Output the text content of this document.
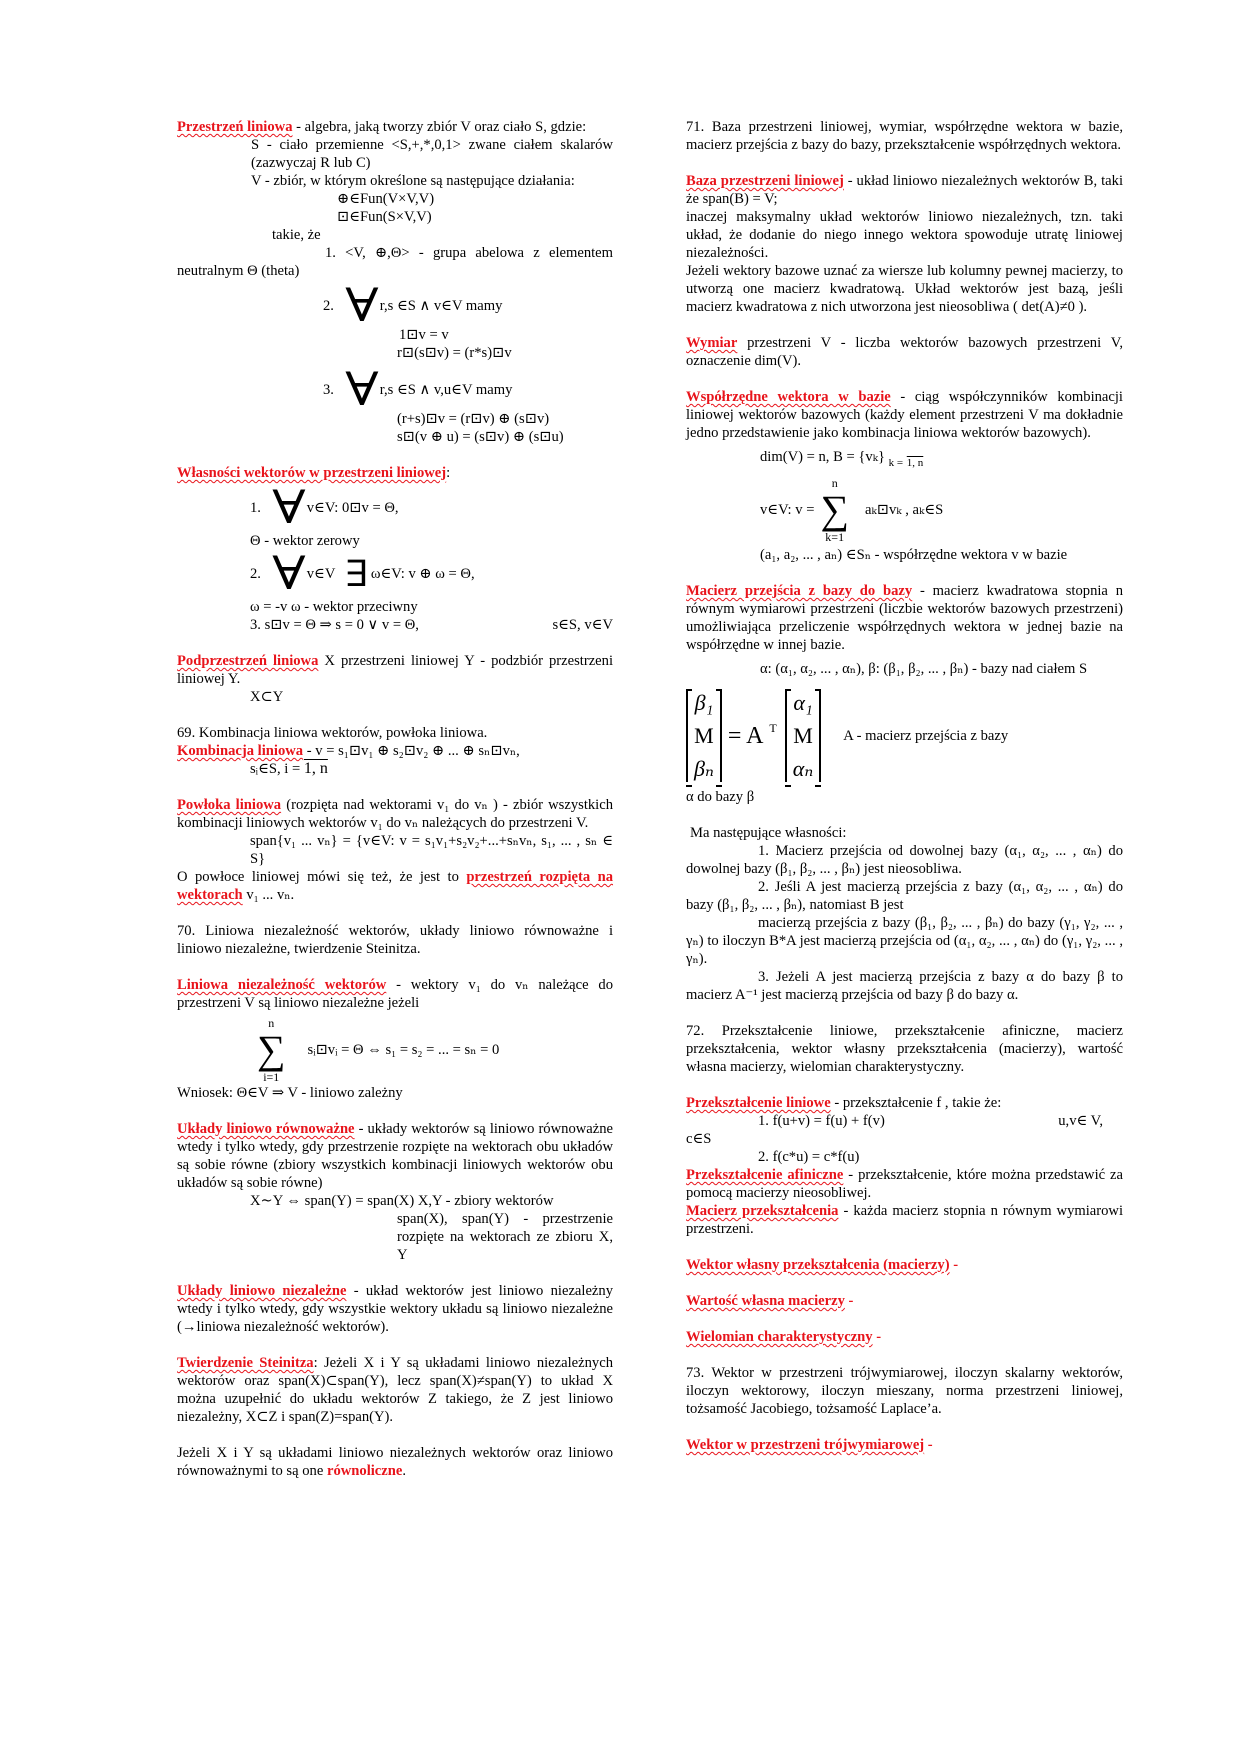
Przestrzeń liniowa - algebra, jaką tworzy zbiór V oraz ciało S, gdzie:

S - ciało przemienne <S,+,*,0,1> zwane ciałem skalarów (zazwyczaj R lub C)

V - zbiór, w którym określone są następujące działania:

⊕∈Fun(V×V,V)

⊡∈Fun(S×V,V)

takie, że

1. <V, ⊕,Θ> - grupa abelowa z elementem neutralnym Θ (theta)

2. ∀ r,s ∈S ∧ v∈V mamy

1⊡v = v

r⊡(s⊡v) = (r*s)⊡v

3. ∀ r,s ∈S ∧ v,u∈V mamy

(r+s)⊡v = (r⊡v) ⊕ (s⊡v)

s⊡(v ⊕ u) = (s⊡v) ⊕ (s⊡u)

Własności wektorów w przestrzeni liniowej:

1. ∀ v∈V: 0⊡v = Θ,

Θ - wektor zerowy

2. ∀ v∈V ∃ ω∈V: v ⊕ ω = Θ,

ω = -v ω - wektor przeciwny

3. s⊡v = Θ ⇒ s = 0 ∨ v = Θ,	s∈S, v∈V

Podprzestrzeń liniowa X przestrzeni liniowej Y - podzbiór przestrzeni liniowej Y.

X⊂Y

69. Kombinacja liniowa wektorów, powłoka liniowa.

Kombinacja liniowa - v = s₁⊡v₁ ⊕ s₂⊡v₂ ⊕ ... ⊕ sₙ⊡vₙ,

sᵢ∈S, i = 1, n

Powłoka liniowa (rozpięta nad wektorami v₁ do vₙ ) - zbiór wszystkich kombinacji liniowych wektorów v₁ do vₙ należących do przestrzeni V.

span{v₁ ... vₙ} = {v∈V: v = s₁v₁+s₂v₂+...+sₙvₙ, s₁, ... , sₙ ∈ S}

O powłoce liniowej mówi się też, że jest to przestrzeń rozpięta na wektorach v₁ ... vₙ.

70. Liniowa niezależność wektorów, układy liniowo równoważne i liniowo niezależne, twierdzenie Steinitza.

Liniowa niezależność wektorów - wektory v₁ do vₙ należące do przestrzeni V są liniowo niezależne jeżeli

n
∑
i=1
sᵢ⊡vᵢ = Θ ⇔ s₁ = s₂ = ... = sₙ = 0

Wniosek: Θ∈V ⇒ V - liniowo zależny

Układy liniowo równoważne - układy wektorów są liniowo równoważne wtedy i tylko wtedy, gdy przestrzenie rozpięte na wektorach obu układów są sobie równe (zbiory wszystkich kombinacji liniowych wektorów obu układów są sobie równe)

X∼Y ⇔ span(Y) = span(X) X,Y - zbiory wektorów

span(X), span(Y) - przestrzenie rozpięte na wektorach ze zbioru X, Y

Układy liniowo niezależne - układ wektorów jest liniowo niezależny wtedy i tylko wtedy, gdy wszystkie wektory układu są liniowo niezależne (→liniowa niezależność wektorów).

Twierdzenie Steinitza: Jeżeli X i Y są układami liniowo niezależnych wektorów oraz span(X)⊂span(Y), lecz span(X)≠span(Y) to układ X można uzupełnić do układu wektorów Z takiego, że Z jest liniowo niezależny, X⊂Z i span(Z)=span(Y).

Jeżeli X i Y są układami liniowo niezależnych wektorów oraz liniowo równoważnymi to są one równoliczne.

71. Baza przestrzeni liniowej, wymiar, współrzędne wektora w bazie, macierz przejścia z bazy do bazy, przekształcenie współrzędnych wektora.

Baza przestrzeni liniowej - układ liniowo niezależnych wektorów B, taki że span(B) = V;

inaczej maksymalny układ wektorów liniowo niezależnych, tzn. taki układ, że dodanie do niego innego wektora spowoduje utratę liniowej niezależności.

Jeżeli wektory bazowe uznać za wiersze lub kolumny pewnej macierzy, to utworzą one macierz kwadratową. Układ wektorów jest bazą, jeśli macierz kwadratowa z nich utworzona jest nieosobliwa ( det(A)≠0 ).

Wymiar przestrzeni V - liczba wektorów bazowych przestrzeni V, oznaczenie dim(V).

Współrzędne wektora w bazie - ciąg współczynników kombinacji liniowej wektorów bazowych (każdy element przestrzeni V ma dokładnie jedno przedstawienie jako kombinacja liniowa wektorów bazowych).

dim(V) = n, B = {vₖ} $_{k =}$ $_{1, n}$

v∈V: v =
n
∑
k=1
aₖ⊡vₖ , aₖ∈S

(a₁, a₂, ... , aₙ) ∈Sₙ - współrzędne wektora v w bazie

Macierz przejścia z bazy do bazy - macierz kwadratowa stopnia n równym wymiarowi przestrzeni (liczbie wektorów bazowych przestrzeni) umożliwiająca przeliczenie współrzędnych wektora w jednej bazie na współrzędne w innej bazie.

α: (α₁, α₂, ... , αₙ), β: (β₁, β₂, ... , βₙ) - bazy nad ciałem S

β₁
M
βₙ
= A $^T$
α₁
M
αₙ
A - macierz przejścia z bazy

α do bazy β

Ma następujące własności:

1. Macierz przejścia od dowolnej bazy (α₁, α₂, ... , αₙ) do dowolnej bazy (β₁, β₂, ... , βₙ) jest nieosobliwa.

2. Jeśli A jest macierzą przejścia z bazy (α₁, α₂, ... , αₙ) do bazy (β₁, β₂, ... , βₙ), natomiast B jest

macierzą przejścia z bazy (β₁, β₂, ... , βₙ) do bazy (γ₁, γ₂, ... , γₙ) to iloczyn B*A jest macierzą przejścia od (α₁, α₂, ... , αₙ) do (γ₁, γ₂, ... , γₙ).

3. Jeżeli A jest macierzą przejścia z bazy α do bazy β to macierz A⁻¹ jest macierzą przejścia od bazy β do bazy α.

72. Przekształcenie liniowe, przekształcenie afiniczne, macierz przekształcenia, wektor własny przekształcenia (macierzy), wartość własna macierzy, wielomian charakterystyczny.

Przekształcenie liniowe - przekształcenie f , takie że:

1. f(u+v) = f(u) + f(v)	u,v∈ V,

c∈S

2. f(c*u) = c*f(u)

Przekształcenie afiniczne - przekształcenie, które można przedstawić za pomocą macierzy nieosobliwej.

Macierz przekształcenia - każda macierz stopnia n równym wymiarowi przestrzeni.

Wektor własny przekształcenia (macierzy) -

Wartość własna macierzy -

Wielomian charakterystyczny -

73. Wektor w przestrzeni trójwymiarowej, iloczyn skalarny wektorów, iloczyn wektorowy, iloczyn mieszany, norma przestrzeni liniowej, tożsamość Jacobiego, tożsamość Laplace’a.

Wektor w przestrzeni trójwymiarowej -
